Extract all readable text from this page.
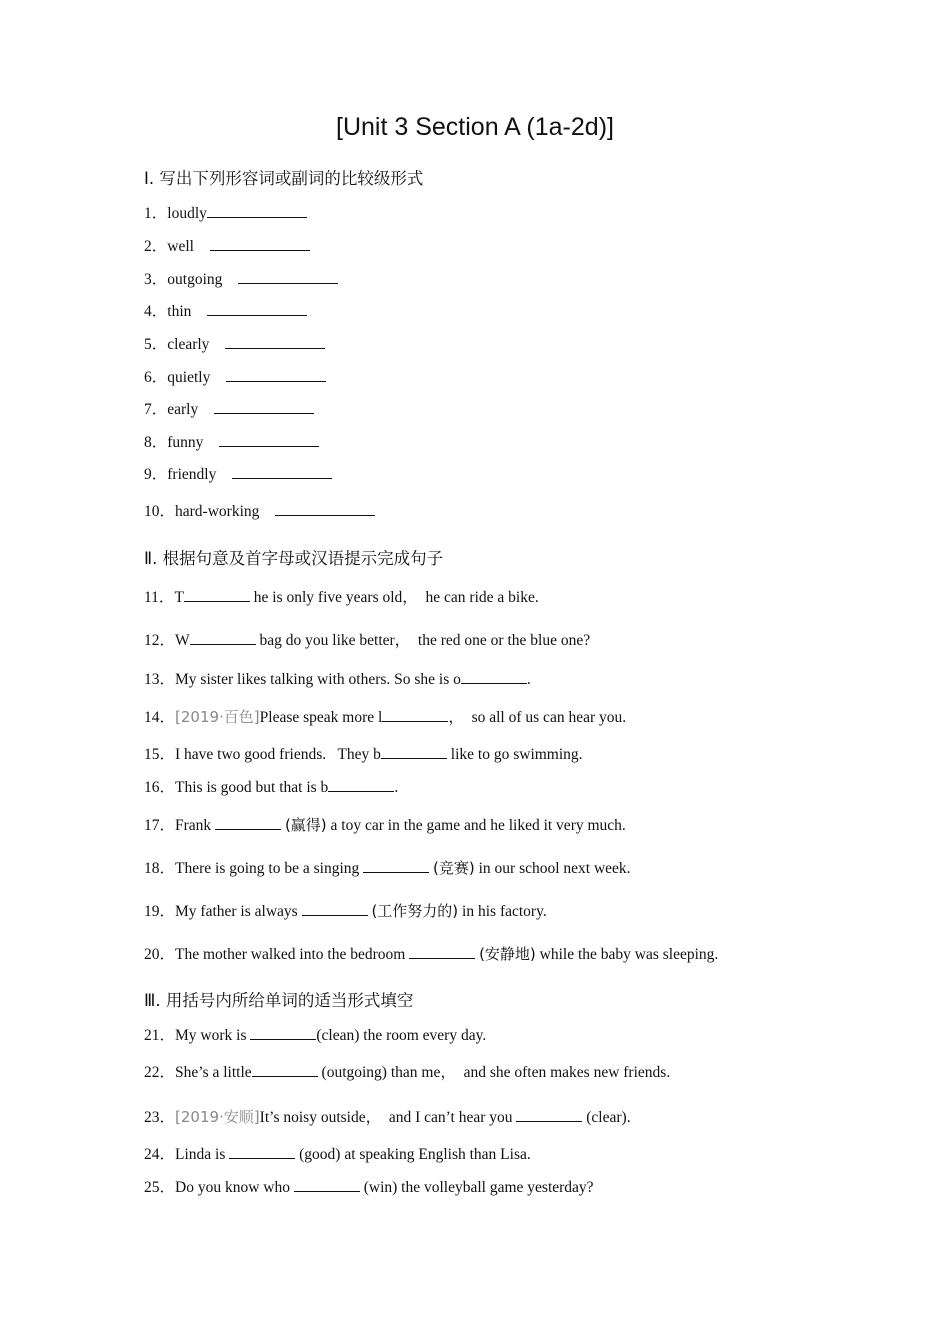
[Unit 3 Section A (1a-2d)]
Ⅰ. 写出下列形容词或副词的比较级形式
1．loudly
2．well
3．outgoing
4．thin
5．clearly
6．quietly
7．early
8．funny
9．friendly
10．hard-working
Ⅱ. 根据句意及首字母或汉语提示完成句子
11．T	he is only five years old，  he can ride a bike.
12．W	bag do you like better，  the red one or the blue one?
13．My sister likes talking with others. So she is o	.
14．[2019·百色]Please speak more l	，  so all of us can hear you.
15．I have two good friends.   They b	like to go swimming.
16．This is good but that is b	.
17．Frank	(赢得) a toy car in the game and he liked it very much.
18．There is going to be a singing	(竞赛) in our school next week.
19．My father is always	(工作努力的) in his factory.
20．The mother walked into the bedroom	(安静地) while the baby was sleeping.
Ⅲ. 用括号内所给单词的适当形式填空
21．My work is	(clean) the room every day.
22．She’s a little	(outgoing) than me，  and she often makes new friends.
23．[2019·安顺]It’s noisy outside，  and I can’t hear you	(clear).
24．Linda is	(good) at speaking English than Lisa.
25．Do you know who	(win) the volleyball game yesterday?
